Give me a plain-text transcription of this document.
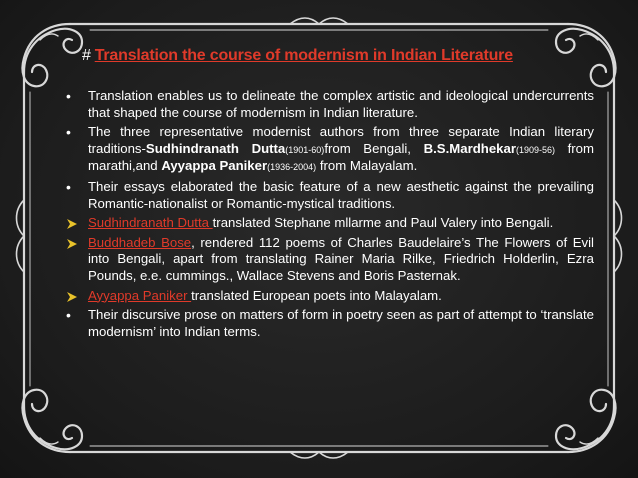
# Translation the course of modernism in Indian Literature
•
Translation enables us to delineate the complex artistic and ideological undercurrents that shaped the course of modernism in Indian literature.
•
The three representative modernist authors from three separate Indian literary traditions-Sudhindranath Dutta(1901-60)from Bengali, B.S.Mardhekar(1909-56) from marathi,and Ayyappa Paniker(1936-2004) from Malayalam.
•
Their essays elaborated the basic feature of a new aesthetic against the prevailing Romantic-nationalist or Romantic-mystical traditions.
Sudhindranath Dutta translated Stephane mllarme and Paul Valery into Bengali.
Buddhadeb Bose, rendered 112 poems of Charles Baudelaire’s The Flowers of Evil into Bengali, apart from translating Rainer Maria Rilke, Friedrich Holderlin, Ezra Pounds, e.e. cummings., Wallace Stevens and Boris Pasternak.
Ayyappa Paniker translated European poets into Malayalam.
•
Their discursive prose on matters of form in poetry seen as part of attempt to ‘translate modernism’ into Indian terms.
